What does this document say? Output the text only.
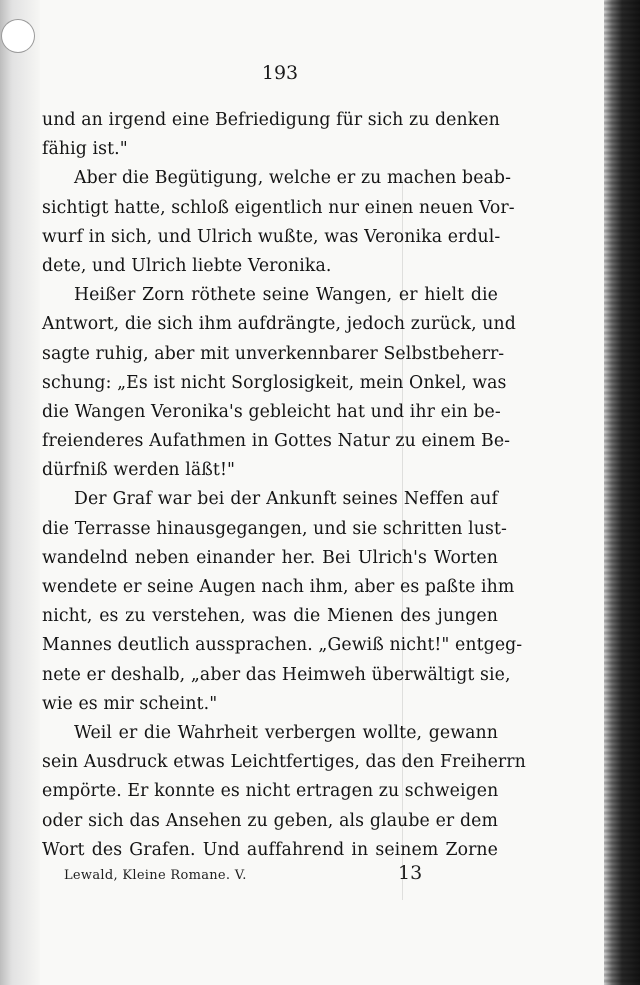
193
und an irgend eine Befriedigung für sich zu denken
fähig ist."
Aber die Begütigung, welche er zu machen beab-
sichtigt hatte, schloß eigentlich nur einen neuen Vor-
wurf in sich, und Ulrich wußte, was Veronika erdul-
dete, und Ulrich liebte Veronika.
Heißer Zorn röthete seine Wangen, er hielt die
Antwort, die sich ihm aufdrängte, jedoch zurück, und
sagte ruhig, aber mit unverkennbarer Selbstbeherr-
schung: „Es ist nicht Sorglosigkeit, mein Onkel, was
die Wangen Veronika's gebleicht hat und ihr ein be-
freienderes Aufathmen in Gottes Natur zu einem Be-
dürfniß werden läßt!"
Der Graf war bei der Ankunft seines Neffen auf
die Terrasse hinausgegangen, und sie schritten lust-
wandelnd neben einander her. Bei Ulrich's Worten
wendete er seine Augen nach ihm, aber es paßte ihm
nicht, es zu verstehen, was die Mienen des jungen
Mannes deutlich aussprachen. „Gewiß nicht!" entgeg-
nete er deshalb, „aber das Heimweh überwältigt sie,
wie es mir scheint."
Weil er die Wahrheit verbergen wollte, gewann
sein Ausdruck etwas Leichtfertiges, das den Freiherrn
empörte. Er konnte es nicht ertragen zu schweigen
oder sich das Ansehen zu geben, als glaube er dem
Wort des Grafen. Und auffahrend in seinem Zorne
Lewald, Kleine Romane. V.	13
